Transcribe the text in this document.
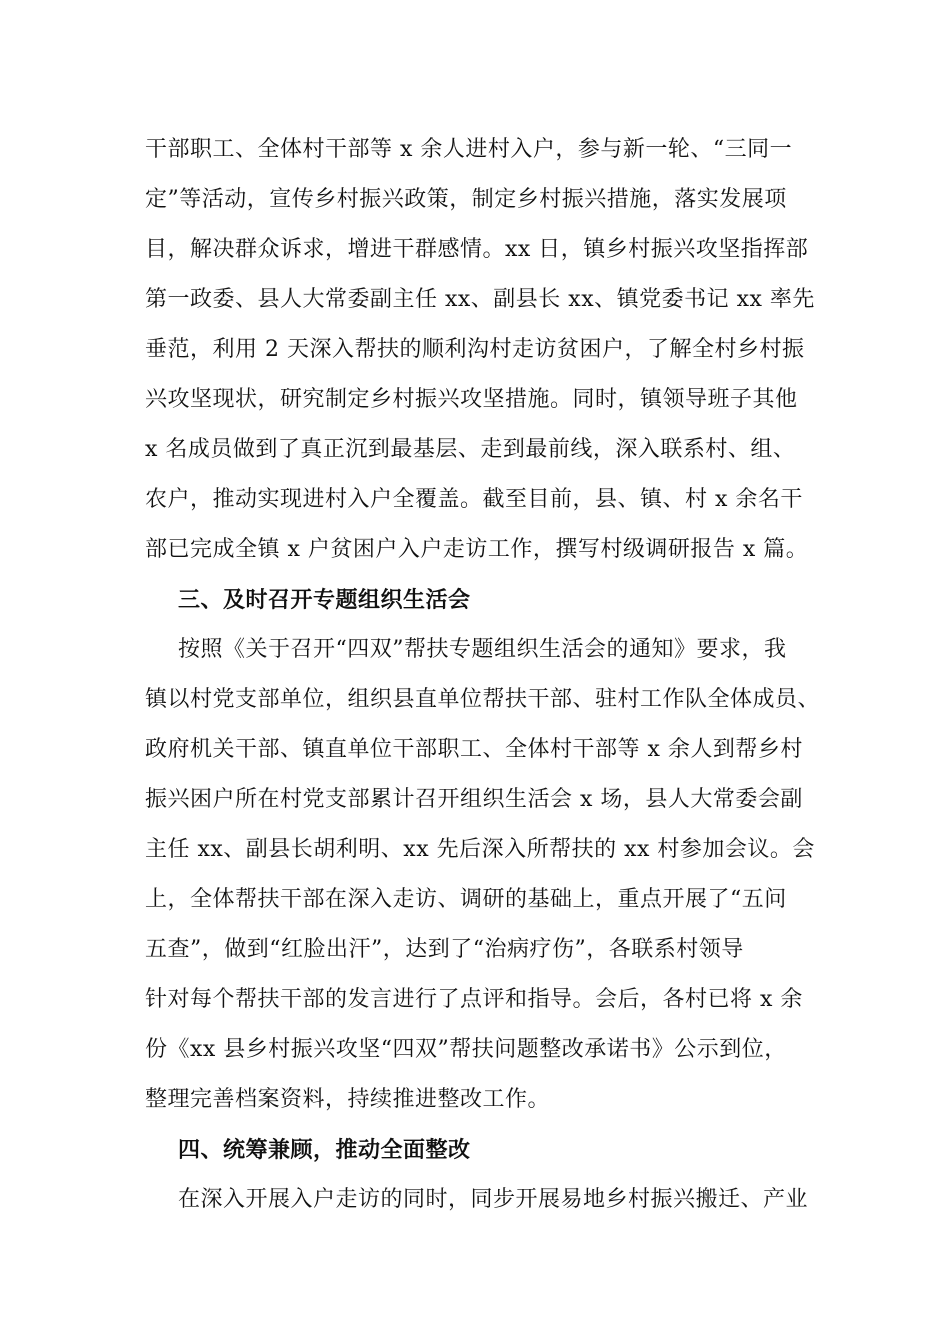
干部职工、全体村干部等 x 余人进村入户，参与新一轮、“三同一
定”等活动，宣传乡村振兴政策，制定乡村振兴措施，落实发展项
目，解决群众诉求，增进干群感情。xx 日，镇乡村振兴攻坚指挥部
第一政委、县人大常委副主任 xx、副县长 xx、镇党委书记 xx 率先
垂范，利用 2 天深入帮扶的顺利沟村走访贫困户，了解全村乡村振
兴攻坚现状，研究制定乡村振兴攻坚措施。同时，镇领导班子其他
x 名成员做到了真正沉到最基层、走到最前线，深入联系村、组、
农户，推动实现进村入户全覆盖。截至目前，县、镇、村 x 余名干
部已完成全镇 x 户贫困户入户走访工作，撰写村级调研报告 x 篇。
三、及时召开专题组织生活会
按照《关于召开“四双”帮扶专题组织生活会的通知》要求，我
镇以村党支部单位，组织县直单位帮扶干部、驻村工作队全体成员、
政府机关干部、镇直单位干部职工、全体村干部等 x 余人到帮乡村
振兴困户所在村党支部累计召开组织生活会 x 场，县人大常委会副
主任 xx、副县长胡利明、xx 先后深入所帮扶的 xx 村参加会议。会
上，全体帮扶干部在深入走访、调研的基础上，重点开展了“五问
五查”，做到“红脸出汗”，达到了“治病疗伤”，各联系村领导
针对每个帮扶干部的发言进行了点评和指导。会后，各村已将 x 余
份《xx 县乡村振兴攻坚“四双”帮扶问题整改承诺书》公示到位，
整理完善档案资料，持续推进整改工作。
四、统筹兼顾，推动全面整改
在深入开展入户走访的同时，同步开展易地乡村振兴搬迁、产业
